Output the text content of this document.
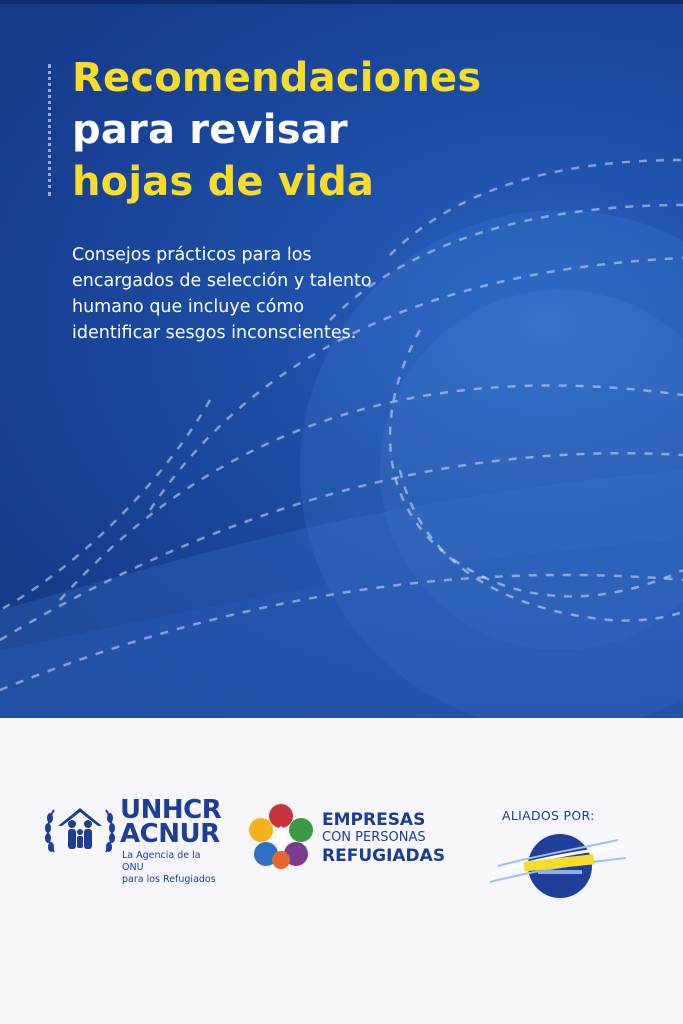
Recomendaciones
para revisar
hojas de vida

Consejos prácticos para los encargados de selección y talento humano que incluye cómo identificar sesgos inconscientes.

UNHCR
ACNUR
La Agencia de la ONU
para los Refugiados
EMPRESAS
CON PERSONAS
REFUGIADAS
ALIADOS POR:
